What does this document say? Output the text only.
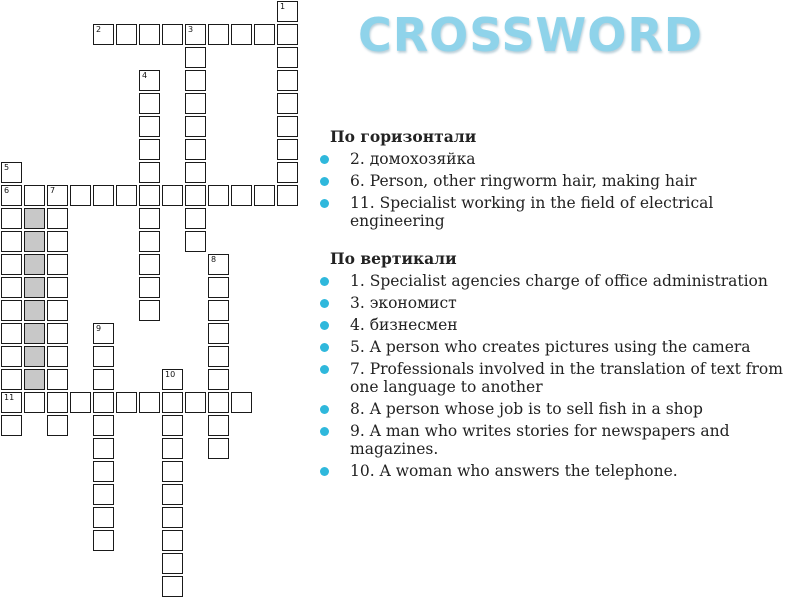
2	3
1
4
6	7
5
11
8
9
10
CROSSWORD
По горизонтали
2. домохозяйка
6. Person, other ringworm hair, making hair
11. Specialist working in the field of electrical engineering
По вертикали
1. Specialist agencies charge of office administration
3. экономист
4. бизнесмен
5. A person who creates pictures using the camera
7. Professionals involved in the translation of text from one language to another
8. A person whose job is to sell fish in a shop
9. A man who writes stories for newspapers and magazines.
10. A woman who answers the telephone.
